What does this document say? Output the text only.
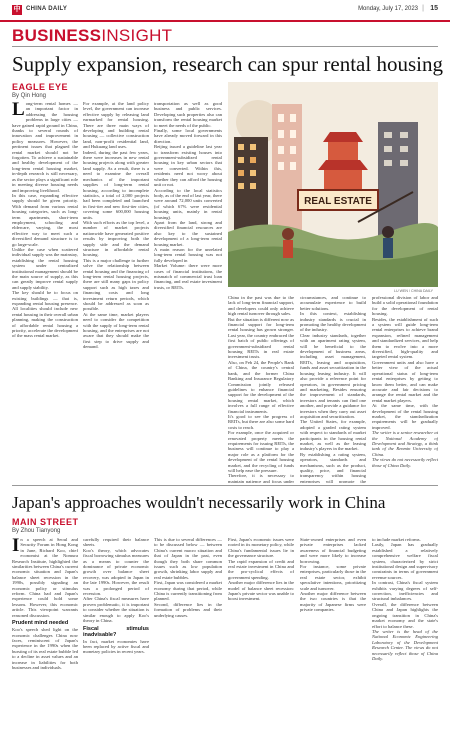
中 CHINA DAILY	Monday, July 17, 2023 | 15
BUSINESSINSIGHT
Supply expansion, research can spur rental housing
EAGLE EYE
By Qin Hong
L ong-term rental homes — an important factor in addressing the housing problems in large cities — have gained rapid ground in China, thanks to several rounds of innovation and improvement in policy measures. However, the pertinent issues that plagued the rental market should not be forgotten. To achieve a sustainable and healthy development of the long-term rental housing market, in-depth research is still necessary, as the sector plays a significant role in meeting diverse housing needs and improving livelihood.

In this case, expanding effective supply should be given priority. With demand from various rental housing categories, such as long-term apartments, short-term employment, schooling and eldercare, varying, the most effective way to meet such a diversified demand structure is to go large-scale.

Unlike the case when scattered individual supply was the mainstay, establishing the rental housing system under centralized institutional management should be the main source of supply, as this can greatly improve rental supply and supply stability.

The key should be to focus on existing buildings — that is, expanding rental housing presence. All localities should include new rental housing in their overall urban planning, making the construction of affordable rental housing a priority, accelerate the development of the mass rental market.

For example, at the land policy level, the government can increase effective supply by releasing land earmarked for rental housing. There are three main ways of developing and building rental housing — collective construction land, non-profit residential land, and Hukuang land uses.

Indeed, during the past few years, there were increases in new rental housing projects along with greater land supply. As a result, there is a need to examine the overall mechanics of the important supplies of long-term rental housing, according to incomplete statistics, a total of 2,000 projects had been completed and launched in first-tier and new first-tier cities, covering some 600,000 housing units.

With such efforts as the top level, a number of market projects nationwide have generated positive results by improving both the supply side and the demand structure in affordable rental housing.

This is a major challenge to further solve the relationship between rental housing and the financing of long-term rental housing projects, there are still many gaps in policy support such as high taxes and financing costs and long investment return periods, which should be addressed as soon as possible.

At the same time, market players need to consider the competition with the supply of long-term rental housing, and the enterprises are not aware that they should make the first step to drive supply and demand.

transportation as well as good business and public services. Developing such properties also can transform the rental housing market to meet the needs of the public.

Finally, some local governments have already moved forward in this direction.

Beijing issued a guideline last year to transform existing houses into government-subsidized rental housing in key urban sectors that were converted. Within this, residents need not worry about whether they can afford the housing unit or not.

According to the local statistics body, as of the end of last year, there were around 72,000 units converted (of which 67% were residential housing units, mainly in rental housing).

Apart from the land, strong and diversified financial resources are also key to the sustained development of a long-term rental housing market.

A main reason for the unrelated long-term rental housing was not fully developed in

Market Volume: there were more cases of financial institutions, the mismatch of commercial trust loan financing, and real estate investment trusts, or REITs.

REAL ESTATE
LU WEN / CHINA DAILY

China in the past was due to the lack of long-term financial support, and developers could only achieve high rental turnover through sales.

But the situation is different now as financial support for long-term rental housing has grown stronger. Last year, the country embraced the first batch of public offerings of government-subsidized rental housing REITs in real estate investment trusts.

Also, on Feb 24, the People's Bank of China, the country's central bank, and the former China Banking and Insurance Regulatory Commission jointly released guidelines to enhance financial support for the development of the housing rental market, which involves a full range of effective financial instruments.

It's good to see the progress of REITs, but there are also some hard costs to reach.

For example, once the acquired or renovated property meets the requirements for issuing REITs, the business will continue to play a major role as a platform for the development of the rental housing market, and the recycling of funds will help ease the pressure.

Therefore, it is necessary to maintain patience and focus under

circumstances, and continue to accumulate experience to build better solutions.

In this context, establishing industry standards is crucial in promoting the healthy development of the industry.

Clear industry standards, together with an apartment rating system, will be beneficial to the development of business areas, including asset management, REITs, leasing and acquisition, funds and asset securitization in the housing leasing industry. It will also provide a reference point for operators, in government pricing and marketing, Besides ensuring the improvement of standards, investors and tenants can find one another, and provide a guidance for investors when they carry out asset acquisition and securitization.

The United States, for example, adopted a graded rating system with respect to standards of market participants in the housing rental market, as well as the leasing industry's players in the market.

By establishing a rating system, operators, standards and mechanisms, such as the product, quality, price, and financial transparency within housing enterprises will promote the

professional division of labor and build a solid operational foundation for the development of rental housing.

Besides, the establishment of such a system will guide long-term rental enterprises to achieve brand expansion, refined management and standardized services, and help them to evolve into a more diversified, high-quality and targeted rental system.

Government units and also have a better view of the actual operational status of long-term rental enterprises by getting to know them better, and can make accurate and fair decisions to arrange the rental market and the rental market players.

At the same time, with the development of the rental housing market, the standardization requirements will be gradually improved.

The writer is a senior researcher at the National Academy of Development and Strategy, a think tank of the Renmin University of China.

The views do not necessarily reflect those of China Daily.

Japan's approaches wouldn't necessarily work in China
MAIN STREET
By Zhou Tianyong
I n a speech at Seoul and Security Forum in Hong Kong in June, Richard Koo, chief economist at the Nomura Research Institute, highlighted the similarities between China's current economic situation and Japan's balance sheet recession in the 1990s, possibly signaling an economic policy or stimulus reform. China had and Japan's experience could hold some lessons. However, this economic article. This viewpoint warrants reasoned discussion.

Prudent mind needed

Koo's speech shed light on the economic challenges China now faces, reminiscent of Japan's experience in the 1990s when the bursting of its real estate bubble led to a decline in asset values and an increase in liabilities for both businesses and individuals.

carefully required their balance sheets.

Koo's theory, which advocates fiscal borrowing stimulus measures as a means to counter the dominance of private economic growth over balance sheet recovery, was adopted in Japan in the late 1990s. However, the result was a prolonged period of recession.

After China's fiscal measures have proven problematic, it is important to consider whether the situation is similar enough to apply Koo's theory in China.

Fiscal stimulus inadvisable?

In fact, market economies have been replaced by active fiscal and monetary policies in recent years.

This is due to several differences — to be discussed below — between China's current macro situation and that of Japan in the past, even though they both share common issues such as low population growth, shrinking labor supply and real estate bubbles.

First, Japan was considered a market economy during that period, while China is currently transitioning from planned.

Second, difference lies in the formation of problems and their underlying causes.

First, Japan's economic issues were rooted in its monetary policy, while China's fundamental issues lie in the governance structure.

The rapid expansion of credit and real estate investment in China and the pro-cyclical effects of government spending.

Another major difference lies in the model of balance sheet recession: Japan's private sector was unable to boost investment.

State-owned enterprises and even private enterprises lacked awareness of financial budgeting and were more likely to increase borrowing.

For instance, some private enterprises, particularly those in the real estate sector, exhibit speculative intentions, prioritizing scale and turnover.

Another major difference between the two countries is that the majority of Japanese firms were private companies.

to include market reforms.

Lastly, Japan has gradually established a relatively comprehensive welfare fiscal system, characterized by strict institutional design and supervisory constraints in terms of government revenue sources.

In contrast, China's fiscal system exhibits varying degrees of self-correction, inefficiencies and structural imbalances.

Overall, the difference between China and Japan highlights the ongoing transition in China's market economy and the state's effort to balance these.

The writer is the head of the National Economic Engineering Laboratory of the Development Research Center. The views do not necessarily reflect those of China Daily.
